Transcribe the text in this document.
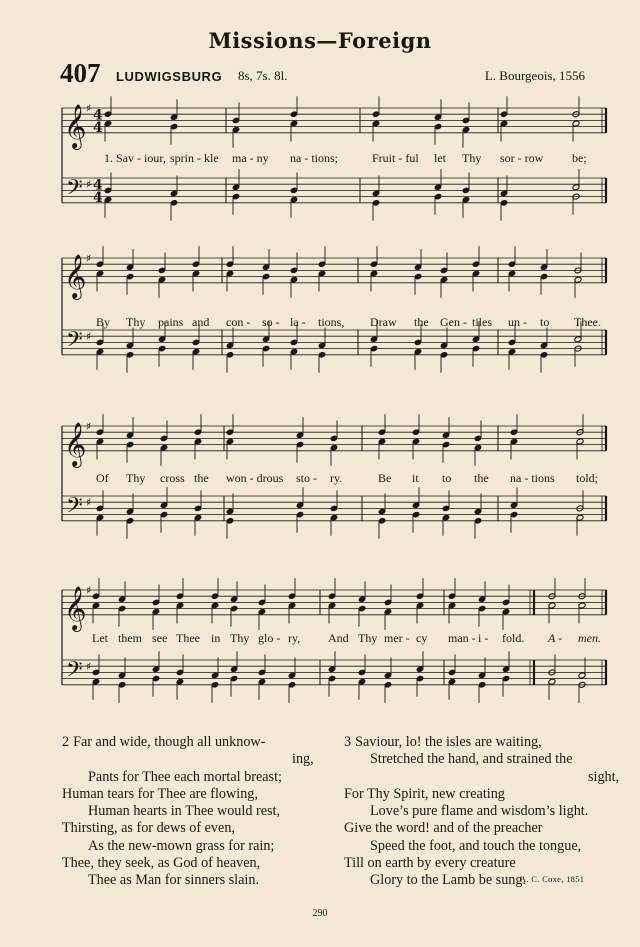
Missions—Foreign
407 LUDWIGSBURG 8s, 7s. 8l.	L. Bourgeois, 1556
𝄞
𝄢
♯
♯
4
4
4
4
1. Sav - iour, sprin - kle ma - ny na - tions;	Fruit - ful let Thy sor - row be;
𝄞
𝄢
♯
♯
By Thy pains and con - so - la - tions, Draw the Gen - tiles un - to Thee.
𝄞
𝄢
♯
♯
Of Thy cross the won - drous sto - ry.	Be it to the na - tions told;
𝄞
𝄢
♯
♯
Let them see Thee in Thy glo - ry, And Thy mer - cy man - i - fold. A - men.
2Far and wide, though all unknow-
ing,
Pants for Thee each mortal breast;
Human tears for Thee are flowing,
Human hearts in Thee would rest,
Thirsting, as for dews of even,
As the new-mown grass for rain;
Thee, they seek, as God of heaven,
Thee as Man for sinners slain.
3Saviour, lo! the isles are waiting,
Stretched the hand, and strained the
sight,
For Thy Spirit, new creating
Love’s pure flame and wisdom’s light.
Give the word! and of the preacher
Speed the foot, and touch the tongue,
Till on earth by every creature
Glory to the Lamb be sung.
A. C. Coxe, 1851
290
